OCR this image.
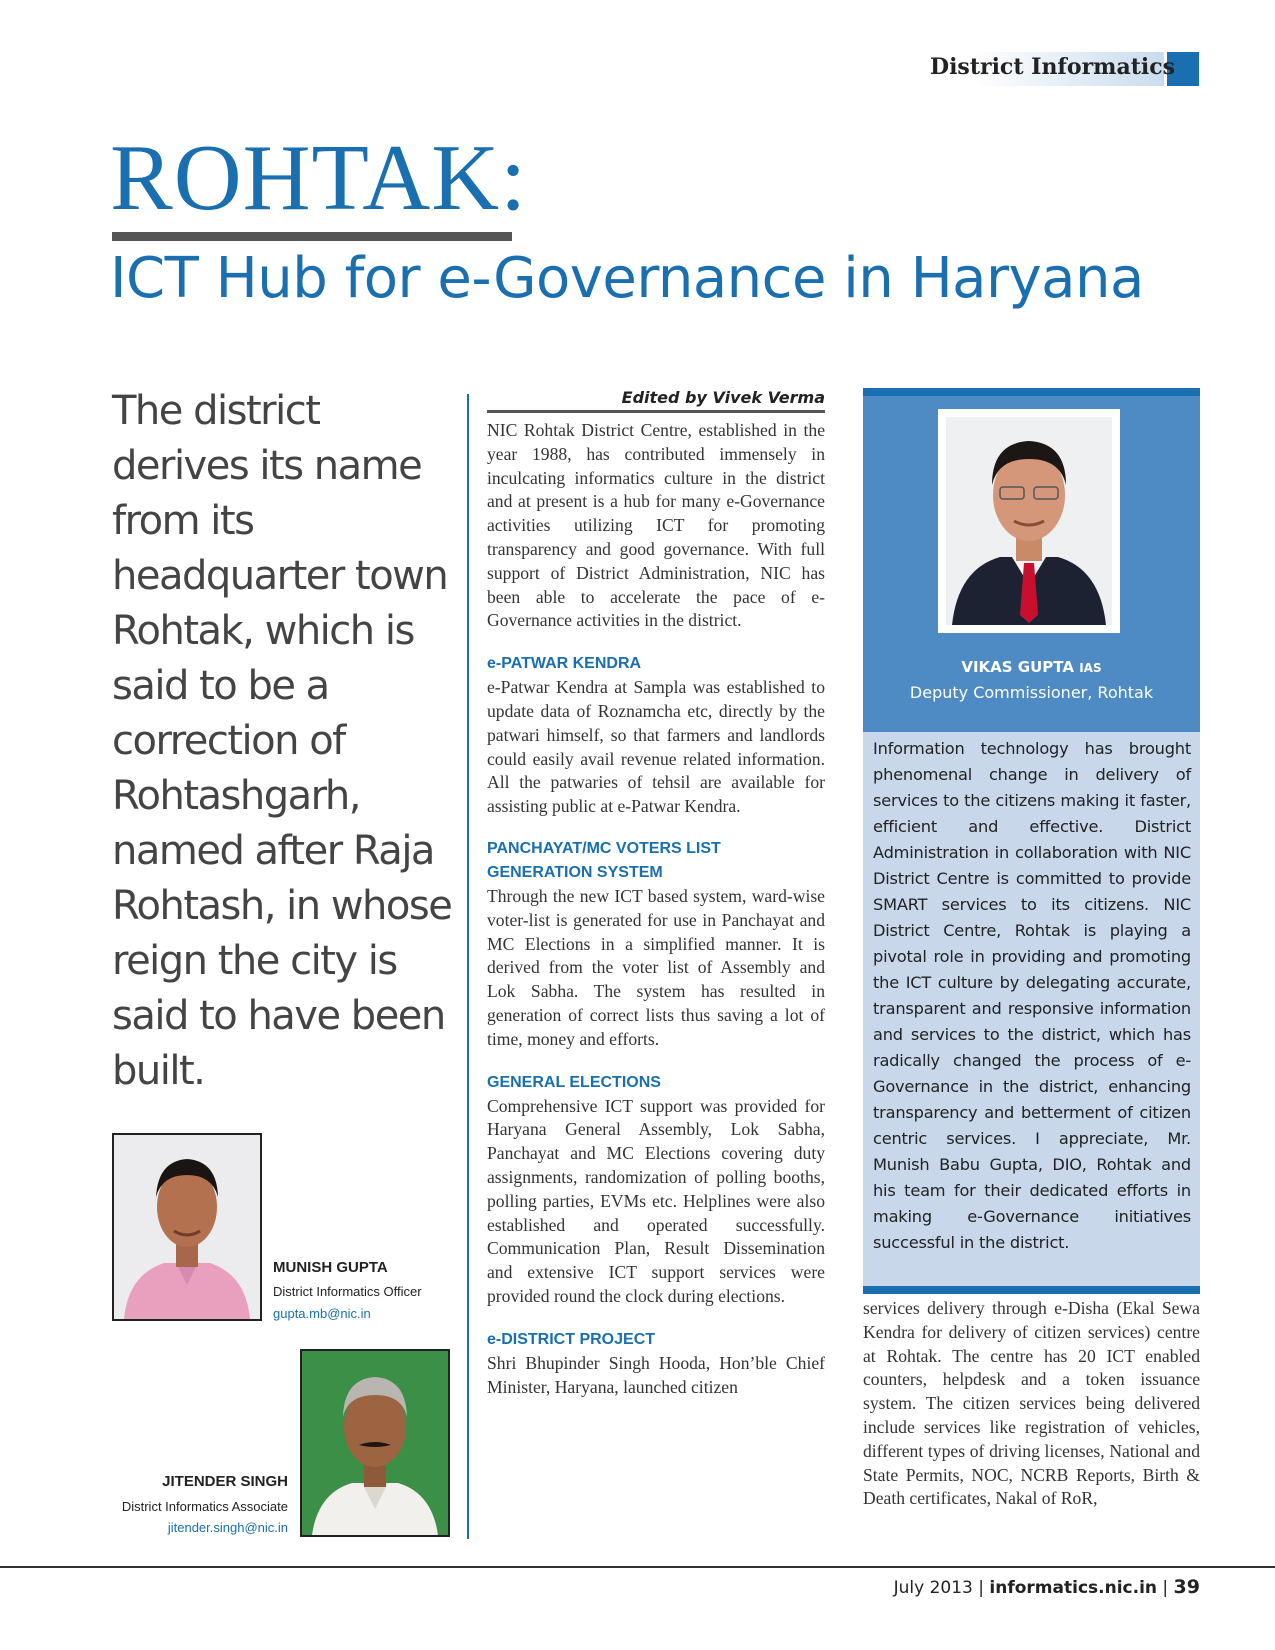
District Informatics
ROHTAK:
ICT Hub for e-Governance in Haryana

The district derives its name from its headquarter town Rohtak, which is said to be a correction of Rohtashgarh, named after Raja Rohtash, in whose reign the city is said to have been built.

Edited by Vivek Verma

NIC Rohtak District Centre, established in the year 1988, has contributed immensely in inculcating informatics culture in the district and at present is a hub for many e-Governance activities utilizing ICT for promoting transparency and good governance. With full support of District Administration, NIC has been able to accelerate the pace of e-Governance activities in the district.

e-PATWAR KENDRA

e-Patwar Kendra at Sampla was established to update data of Roznamcha etc, directly by the patwari himself, so that farmers and landlords could easily avail revenue related information. All the patwaries of tehsil are available for assisting public at e-Patwar Kendra.

PANCHAYAT/MC VOTERS LIST GENERATION SYSTEM

Through the new ICT based system, ward-wise voter-list is generated for use in Panchayat and MC Elections in a simplified manner. It is derived from the voter list of Assembly and Lok Sabha. The system has resulted in generation of correct lists thus saving a lot of time, money and efforts.

GENERAL ELECTIONS

Comprehensive ICT support was provided for Haryana General Assembly, Lok Sabha, Panchayat and MC Elections covering duty assignments, randomization of polling booths, polling parties, EVMs etc. Helplines were also established and operated successfully. Communication Plan, Result Dissemination and extensive ICT support services were provided round the clock during elections.

e-DISTRICT PROJECT

Shri Bhupinder Singh Hooda, Hon’ble Chief Minister, Haryana, launched citizen

MUNISH GUPTA
District Informatics Officer
gupta.mb@nic.in
JITENDER SINGH
District Informatics Associate
jitender.singh@nic.in
VIKAS GUPTA IAS
Deputy Commissioner, Rohtak

Information technology has brought phenomenal change in delivery of services to the citizens making it faster, efficient and effective. District Administration in collaboration with NIC District Centre is committed to provide SMART services to its citizens. NIC District Centre, Rohtak is playing a pivotal role in providing and promoting the ICT culture by delegating accurate, transparent and responsive information and services to the district, which has radically changed the process of e-Governance in the district, enhancing transparency and betterment of citizen centric services. I appreciate, Mr. Munish Babu Gupta, DIO, Rohtak and his team for their dedicated efforts in making e-Governance initiatives successful in the district.

services delivery through e-Disha (Ekal Sewa Kendra for delivery of citizen services) centre at Rohtak. The centre has 20 ICT enabled counters, helpdesk and a token issuance system. The citizen services being delivered include services like registration of vehicles, different types of driving licenses, National and State Permits, NOC, NCRB Reports, Birth & Death certificates, Nakal of RoR,

July 2013 | informatics.nic.in | 39
